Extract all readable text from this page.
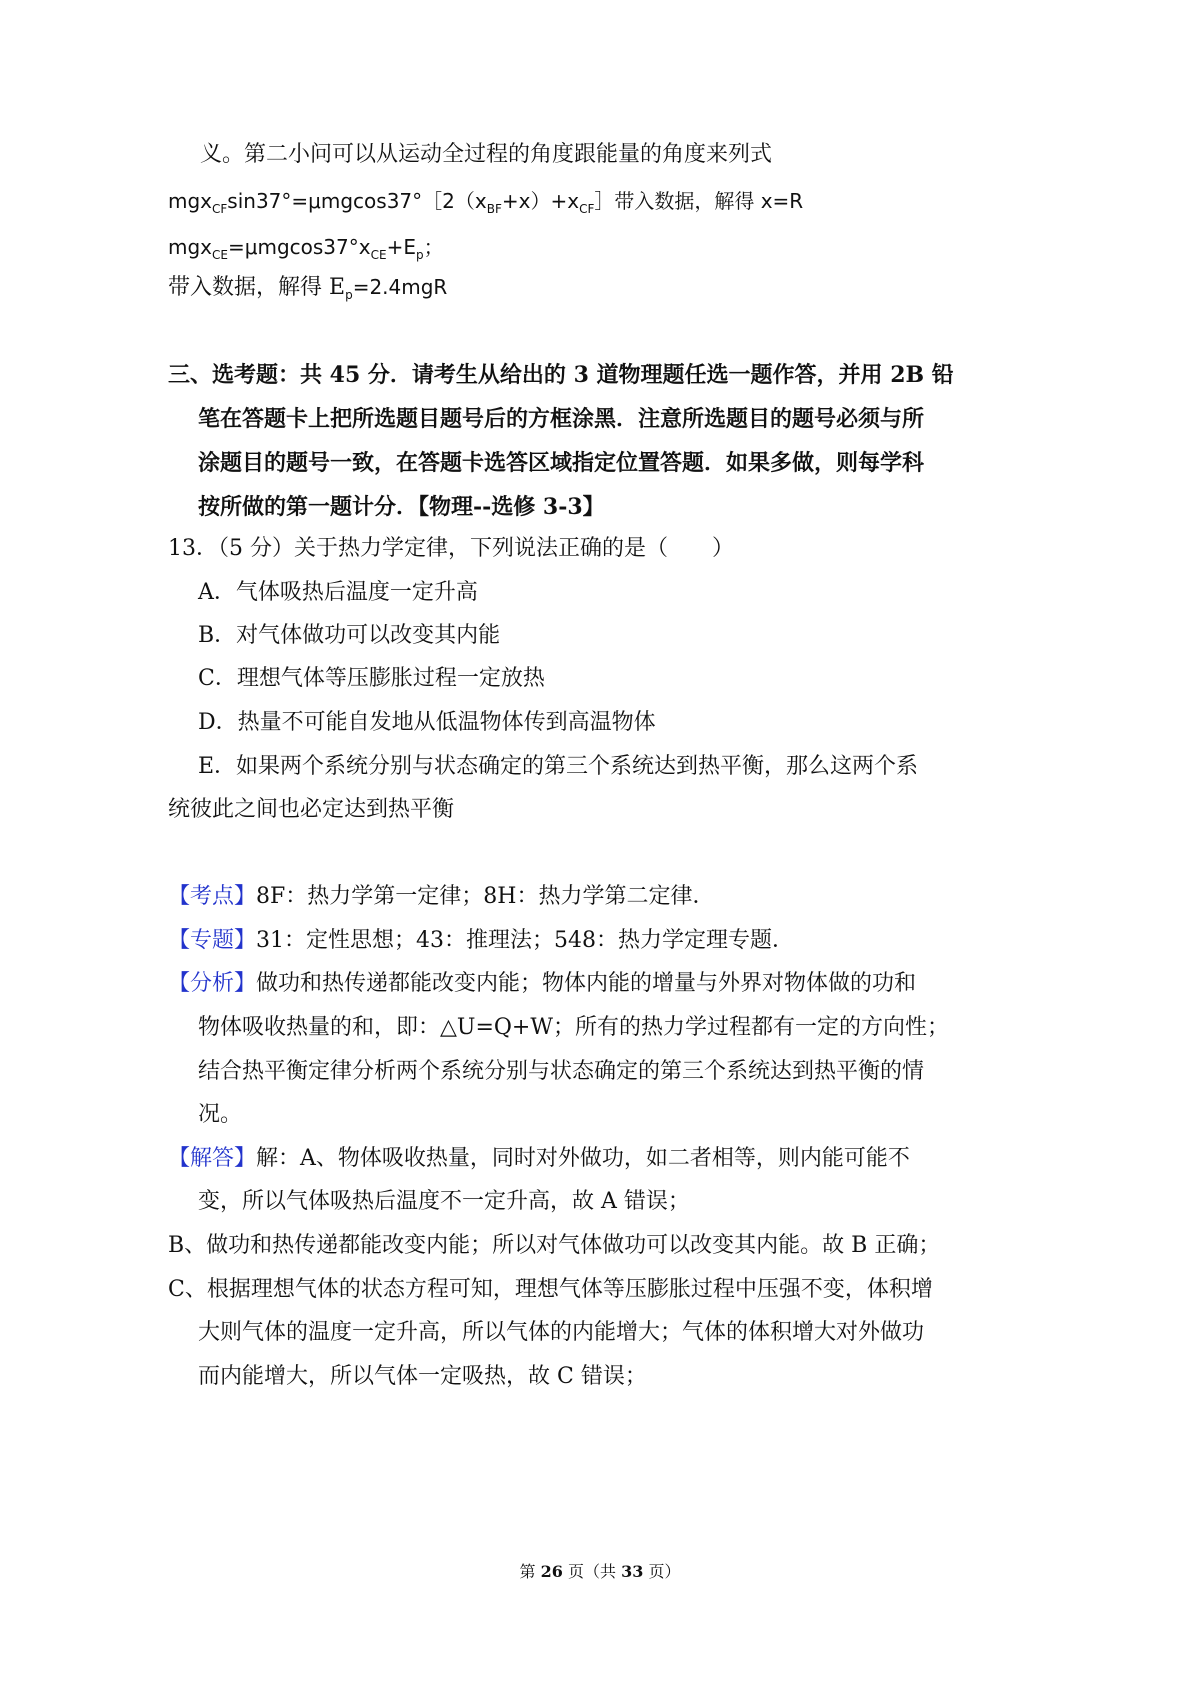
义。第二小问可以从运动全过程的角度跟能量的角度来列式
$mgx_{CF}\sin 37^\circ=\mu mgcos37^\circ[2(x_{BF}+x)+x_{CF}]$带入数据，解得 x=R
$mgx_{CE}=\mu mgcos37^\circ x_{CE}+E_p$；
带入数据，解得 $E_p=2.4mgR$
三、选考题：共 45 分．请考生从给出的 3 道物理题任选一题作答，并用 2B 铅
笔在答题卡上把所选题目题号后的方框涂黑．注意所选题目的题号必须与所
涂题目的题号一致，在答题卡选答区域指定位置答题．如果多做，则每学科
按所做的第一题计分．【物理--选修 3-3】
13．（5 分）关于热力学定律，下列说法正确的是（　　）
A．气体吸热后温度一定升高
B．对气体做功可以改变其内能
C．理想气体等压膨胀过程一定放热
D．热量不可能自发地从低温物体传到高温物体
E．如果两个系统分别与状态确定的第三个系统达到热平衡，那么这两个系
统彼此之间也必定达到热平衡
【考点】8F：热力学第一定律；8H：热力学第二定律．
【专题】31：定性思想；43：推理法；548：热力学定理专题．
【分析】做功和热传递都能改变内能；物体内能的增量与外界对物体做的功和
物体吸收热量的和，即：△U=Q+W；所有的热力学过程都有一定的方向性；
结合热平衡定律分析两个系统分别与状态确定的第三个系统达到热平衡的情
况。
【解答】解：A、物体吸收热量，同时对外做功，如二者相等，则内能可能不
变，所以气体吸热后温度不一定升高，故 A 错误；
B、做功和热传递都能改变内能；所以对气体做功可以改变其内能。故 B 正确；
C、根据理想气体的状态方程可知，理想气体等压膨胀过程中压强不变，体积增
大则气体的温度一定升高，所以气体的内能增大；气体的体积增大对外做功
而内能增大，所以气体一定吸热，故 C 错误；
第 26 页（共 33 页）
